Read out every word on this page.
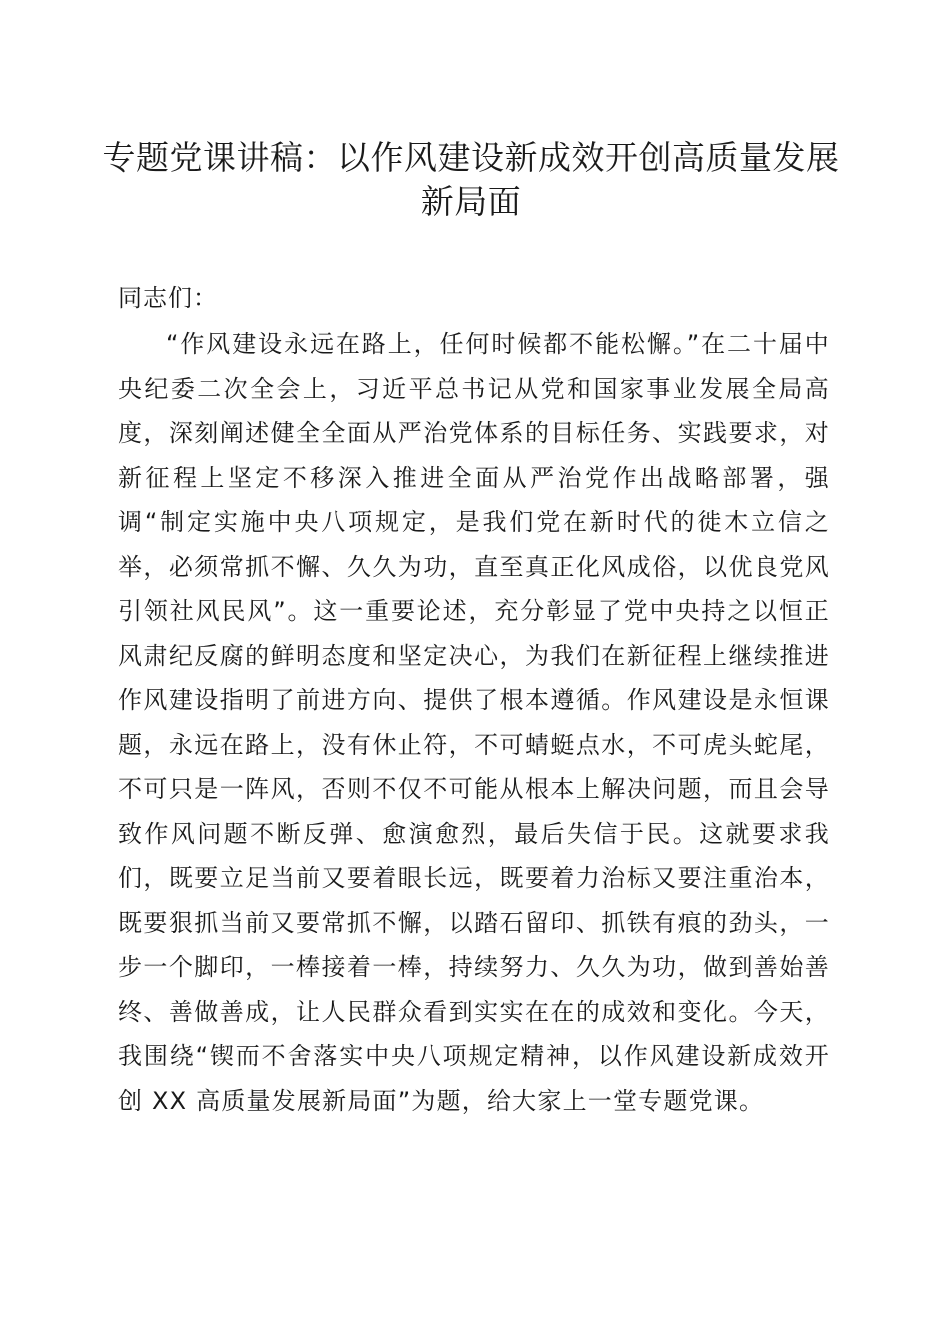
专题党课讲稿：以作风建设新成效开创高质量发展新局面

同志们：

“作风建设永远在路上，任何时候都不能松懈。”在二十届中央纪委二次全会上，习近平总书记从党和国家事业发展全局高度，深刻阐述健全全面从严治党体系的目标任务、实践要求，对新征程上坚定不移深入推进全面从严治党作出战略部署，强调“制定实施中央八项规定，是我们党在新时代的徙木立信之举，必须常抓不懈、久久为功，直至真正化风成俗，以优良党风引领社风民风”。这一重要论述，充分彰显了党中央持之以恒正风肃纪反腐的鲜明态度和坚定决心，为我们在新征程上继续推进作风建设指明了前进方向、提供了根本遵循。作风建设是永恒课题，永远在路上，没有休止符，不可蜻蜓点水，不可虎头蛇尾，不可只是一阵风，否则不仅不可能从根本上解决问题，而且会导致作风问题不断反弹、愈演愈烈，最后失信于民。这就要求我们，既要立足当前又要着眼长远，既要着力治标又要注重治本，既要狠抓当前又要常抓不懈，以踏石留印、抓铁有痕的劲头，一步一个脚印，一棒接着一棒，持续努力、久久为功，做到善始善终、善做善成，让人民群众看到实实在在的成效和变化。今天，我围绕“锲而不舍落实中央八项规定精神，以作风建设新成效开创 XX 高质量发展新局面”为题，给大家上一堂专题党课。
